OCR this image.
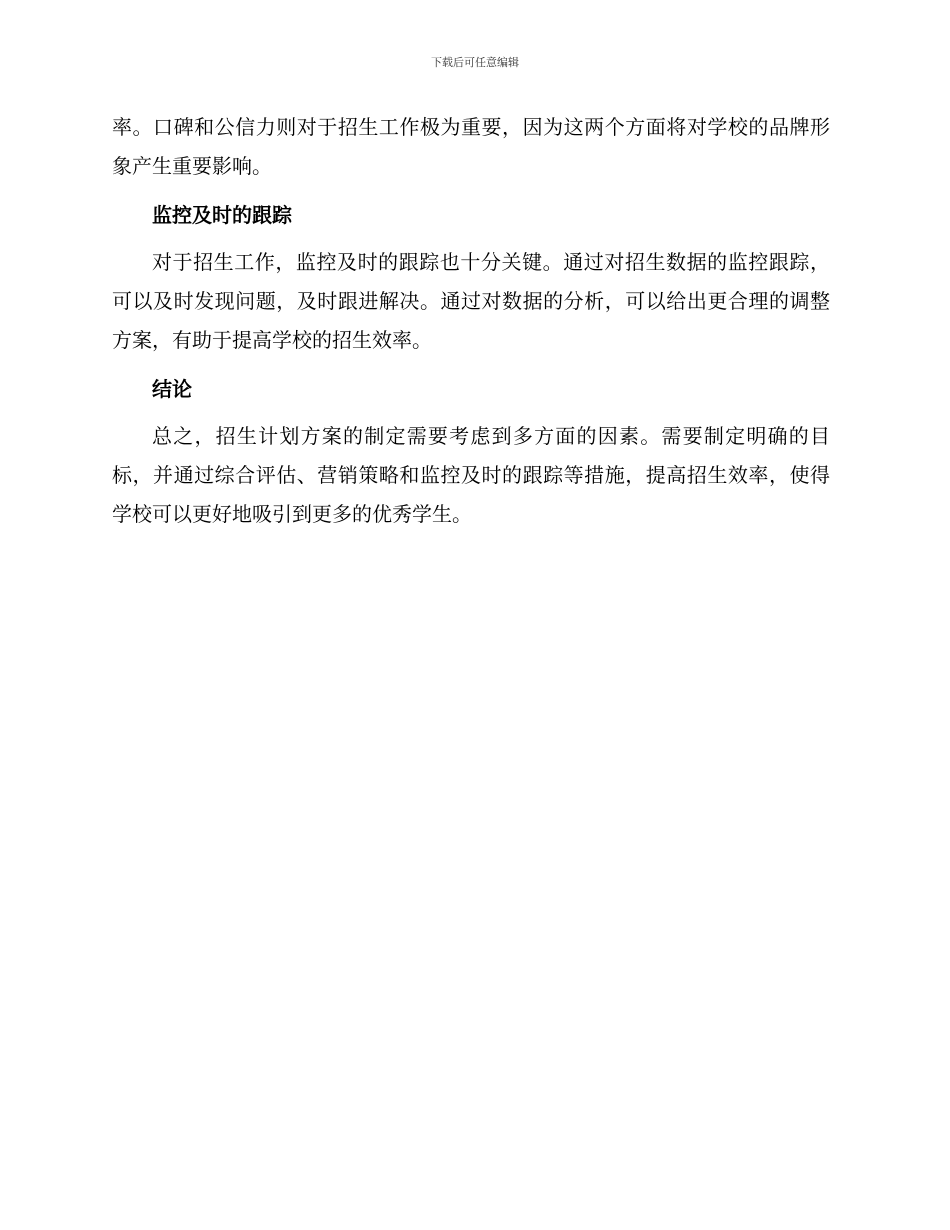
下载后可任意编辑

率。口碑和公信力则对于招生工作极为重要，因为这两个方面将对学校的品牌形象产生重要影响。

监控及时的跟踪

对于招生工作，监控及时的跟踪也十分关键。通过对招生数据的监控跟踪，可以及时发现问题，及时跟进解决。通过对数据的分析，可以给出更合理的调整方案，有助于提高学校的招生效率。

结论

总之，招生计划方案的制定需要考虑到多方面的因素。需要制定明确的目标，并通过综合评估、营销策略和监控及时的跟踪等措施，提高招生效率，使得学校可以更好地吸引到更多的优秀学生。
